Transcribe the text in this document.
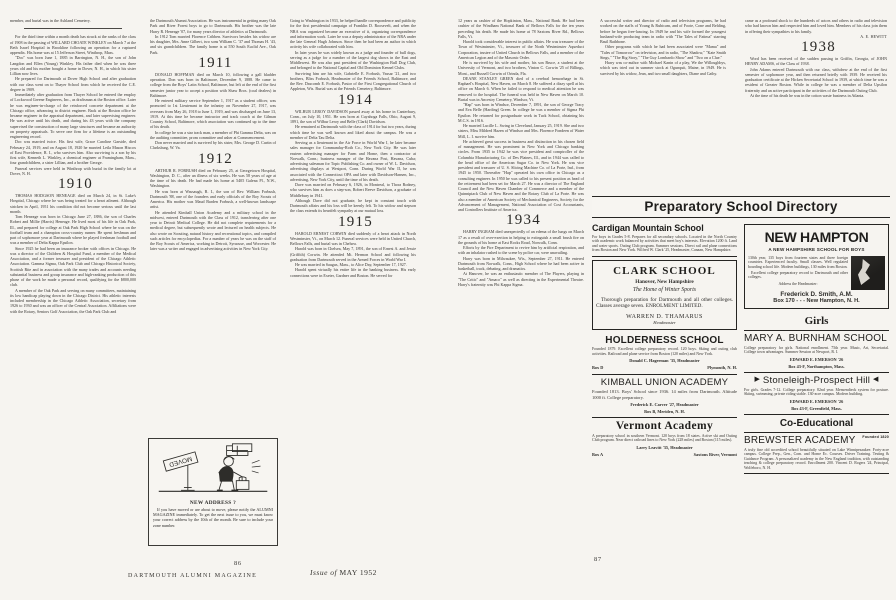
member, and burial was in the Ashland Cemetery.

For the third time within a month death has struck at the ranks of the class of 1908 in the passing of WILLARD CHOATE WINKLEY on March 7 at the Beth Israel Hospital in Brookline following an operation for a ruptured appendix. His home was at 15 Jefferson Street, Winthrop, Mass.

"Doc" was born June 1, 1885 in Barrington, N. H., the son of John Langdon and Ellen (Young) Winkley. His father died when he was three years old and his mother bought a home in Dover, N. H., in which his sister Lillian now lives.

He prepared for Dartmouth at Dover High School and after graduation with our class went on to Thayer School from which he received the C.E. degree in 1909.

Immediately after graduation from Thayer School he entered the employ of Lockwood Greene Engineers, Inc., as draftsman at the Boston office. Later he was engineer-in-charge of the reinforced concrete department at the Chicago office, advancing to district engineer. Back at the Boston office he became engineer in the appraisal department, and later supervising engineer. He was active until his death, and during his 43 years with the company supervised the construction of many large structures and became an authority on property appraisals. To serve one firm for a lifetime is an outstanding engineering record.

Doc was married twice. His first wife, Grace Caroline Garside, died February 24, 1919, and on August 18, 1920 he married Leila Mason Hiscox of East Providence, R. I., who survives him. Also surviving is a son by his first wife, Kenneth L. Winkley, a chemical engineer at Framingham, Mass., four grandchildren, a sister Lillian, and a brother George.

Funeral services were held in Winthrop with burial in the family lot at Dover, N. H.

1910

THOMAS HODGSON HENEAGE died on March 24, in St. Luke's Hospital, Chicago where he was being treated for a heart ailment. Although stricken in April, 1951 his condition did not become serious until the last month.

Tom Heneage was born in Chicago June 27, 1886, the son of Charles Robert and Millie (Harris) Heneage. He lived most of his life in Oak Park, Ill., and prepared for college at Oak Park High School where he was on the football team and a champion cross-country runner. He spent freshman and part of sophomore year at Dartmouth where he played freshman football and was a member of Delta Kappa Epsilon.

Since 1925 he had been an insurance broker with offices in Chicago. He was a director of the Children & Hospital Fund, a member of the Medical Association, and a former treasurer and president of the Chicago Athletic Association. Gamma Sigma, Oak Park Club and Chicago Historical Society, Scottish Rite and in association with the many trades and accounts needing substantial business and group insurance and high-ranking production of this phase of the work he made a personal record, qualifying for the $800,000 club.

A member of the Oak Park and serving on many committees, maintaining its low handicap playing down in the Chicago District. His athletic interests included membership in the Chicago Athletic Association, secretary from 1926 to 1930 and was an officer of the Central Association. Affiliations were with the Rotary, Seniors Golf Association, the Oak Park Club and

the Dartmouth Alumni Association. He was instrumental in getting many Oak Park and River Forest boys to go to Dartmouth. His brother was the late Harry R. Heneage '07, for many years director of athletics at Dartmouth.

In 1912 Tom married Florence Cribben. Survivors besides his widow are his daughter, Mrs. Anne Gilbert, two sons William C. '37 and Thomas H. '43, and six grandchildren. The family home is at 550 South Euclid Ave., Oak Park.

1911

DONALD HOFFMAN died on March 10, following a gall bladder operation. Don was born in Baltimore, December 9, 1888. He came to college from the Boys' Latin School, Baltimore, but left at the end of the first semester junior year to accept a position with Shaw Bros. (coal dealers) in Baltimore.

He entered military service September 1, 1917 as a student officer, was promoted to 1st Lieutenant in the infantry on November 27, 1917, was overseas from May 26, 1918 to June 1, 1919, and was discharged on June 13, 1919. At this time he became instructor and track coach at the Gilman Country School, Baltimore, which association was continued up to the time of his death.

In college he was a star track man, a member of Phi Gamma Delta, was on the auditing committee, prom committee and usher at Commencement.

Don never married and is survived by his sister, Mrs. George D. Curtin of Clarksburg, W. Va.

1912

ARTHUR R. FORBUSH died on February 25, at Georgetown Hospital, Washington, D. C., after an illness of six weeks. He was 58 years of age at the time of his death. He had made his home at 5405 Galena Pl., N.W., Washington.

He was born at Wassaugh, R. I., the son of Rev. William Forbush, Dartmouth '88, one of the founders and early officials of the Boy Scouts of America. His mother was Maud Barden Forbush, a well-known landscape artist.

He attended Kimball Union Academy and a military school in the midwest, entered Dartmouth with the Class of 1912, transferring after one year to Detroit Medical College. He did not complete requirements for a medical degree, but subsequently wrote and lectured on health subjects. He also wrote on Scouting, natural history and recreational topics, and compiled such articles for encyclopedias. For a number of years he was on the staff of the Boy Scouts of America, working in Detroit, Syracuse, and Worcester. He later was a writer and engaged in advertising activities in New York City.

Going to Washington in 1933, he helped handle correspondence and publicity for the first presidential campaign of Franklin D. Roosevelt, and when the NRA was organized became an executive of it, organizing correspondence and information work. Later he was a deputy administrator of the NRA under the late General Hugh Johnson. Since then he had been an author in which activity his wife collaborated with him.

In later years he was widely known as a judge and founder of bull dogs, serving as a judge for a number of the largest dog shows in the East and Middlewest. He was also past president of the Washington Bull Dog Club, and belonged to the National Capital and Old Dominion Kennel Clubs.

Surviving him are his wife, Gabrielle E. Forbush, Vassar '21, and two brothers, Bliss Forbush, Headmaster of the Friends School, Baltimore, and the Rev. Dascomb E. Forbush, Pastor of the First Congregational Church of Appleton, Wis. Burial was at the Friends Cemetery, Baltimore.

1914

WILBUR LEROY DAVIDSON passed away at his home in Canterbury, Conn., on July 10, 1951. He was born at Cuyahoga Falls, Ohio, August 9, 1891, the son of Wilbur Leroy and Belle (Clark) Davidson.

He remained at Dartmouth with the class of 1914 for but two years, during which time he was well known and liked about the campus. He was a member of Delta Tau Delta.

Serving as a lieutenant in the Air Force in World War I, he later became sales manager for Commanday-Roth Co., New York City. He was later eastern advertising manager for Farm and Home, then a contractor at Norwalk, Conn.; business manager of the Havana Post, Havana, Cuba; advertising salesman for Topic Publishing Co. and owner of W. L. Davidson, advertising displays at Westport, Conn. During World War II, he was associated with the Connecticut OPA and later with Davidson-Hansen, Inc., advertising, New York City, until the time of his death.

Dave was married on February 6, 1926, in Montreal, to Thora Rodney, who survives him as does a step-son, Robert Reeve Davidson, a graduate of Middlebury in 1941.

Although Dave did not graduate, he kept in constant touch with Dartmouth affairs and his loss will be keenly felt. To his widow and stepson the class extends its heartfelt sympathy at our mutual loss.

1915

HAROLD ERNEST CORWIN died suddenly of a heart attack in North Westminster, Vt., on March 12. Funeral services were held in United Church, Bellows Falls, and burial was in Chelsea.

Harold was born in Chelsea, May 7, 1891, the son of Ernest A. and Jessie (Griffith) Corwin. He attended Mt. Hermon School and following his graduation from Dartmouth served in the Armed Forces in World War I.

He was married in Saugus, Mass., to Alice Day, September 17, 1927.

Harold spent virtually his entire life in the banking business. His early connections were in Exeter, Gardner and Boston. He served for

12 years as cashier of the Hopkinton, Mass., National Bank. He had been cashier of the Windham National Bank of Bellows Falls for the ten years preceding his death. He made his home at 78 Saxtons River Rd., Bellows Falls, Vt.

Harold took considerable interest in public affairs. He was treasurer of the Town of Westminster, Vt., treasurer of the North Westminster Aqueduct Corporation, trustee of United Church in Bellows Falls, and a member of the American Legion and of the Masonic Order.

He is survived by his wife and mother, his son Bruce, a student at the University of Vermont, and two brothers, Vinton C. Corwin '25 of Billings, Mont., and Russell Corwin of Orinda, Fla.

DEANE STANLEY GREEN died of a cerebral hemorrhage in St. Raphael's Hospital, New Haven, on March 8. He suffered a dizzy spell at his office on March 6. When he failed to respond to medical attention he was removed to the hospital. The funeral was held in New Haven on March 10. Burial was in Ancestry Cemetery, Windsor, Vt.

"Hap" was born in Windsor, December 7, 1891, the son of George Tracy and Eva Belle (Harding) Green. In college he was a member of Sigma Phi Epsilon. He returned for postgraduate work in Tuck School, obtaining his M.C.S. in 1916.

He married Lucille L. Swing in Cleveland, January 25, 1919. She and two sisters, Miss Mildred Hazen of Windsor and Mrs. Florence Fondeen of Water Mill, L. I. survive him.

He achieved great success in business and distinction in his chosen field of management. He was prominent in New York and Chicago banking circles. From 1935 to 1942 he was vice president and comptroller of the Columbia Manufacturing Co. of Des Plaines, Ill., and in 1944 was called to the head office of the American Sugar Co. in New York. He was vice president and treasurer of U. S. Slicing Machine Co. of La Porte, Ind., from 1945 to 1950. Thereafter "Hap" operated his own office in Chicago as a consulting engineer. In 1950 he was called to his present position as head of the retirement had been set for March 27. He was a director of The England Council and the New Haven Chamber of Commerce and a member of the Quinnipiack Club of New Haven and the Rotary Club of La Porte. He was also a member of American Society of Mechanical Engineers, Society for the Advancement of Management, National Association of Cost Accountants, and Controllers Institute of America.

1934

HARRY INGRAM died unexpectedly of an edema of the lungs on March 17 as a result of over-exertion in helping to extinguish a small brush fire on the grounds of his home at East Rocks Road, Norwalk, Conn.

Efforts by the Fire Department to revive him by artificial respiration, and with an inhalator rushed to the scene by police car, were unavailing.

Harry was born in Milwaukee, Wis., September 27, 1911. He entered Dartmouth from Norwalk, Conn., High School where he had been active in basketball, track, debating, and dramatics.

At Hanover, he was an enthusiastic member of The Players, playing in "The Critic" and "Amaco" as well as directing in the Experimental Theatre. Harry's fraternity was Phi Kappa Sigma.

A successful writer and director of radio and television programs, he had worked on the staffs of Young & Rubicam, and of Foote, Cone and Belding, before he began free-lancing. In 1949 he and his wife formed the youngest husband-wife producing team in radio with "The Tales of Fatima" starring Basil Rathbone.

Other programs with which he had been associated were "Mama" and "Tales of Tomorrow" on television, and in radio, "The Shadow," "Kate Smith Sings," "The Big Story," "The Guy Lombardo Show" and "Two on a Clue."

Harry was co-author with Michael Kanin of a play, We the Willoughbys, which was tried out in summer stock at Ogunquit, Maine, in 1949. He is survived by his widow, Jean, and two small daughters, Diane and Cathy.

came as a profound shock to the hundreds of actors and others in radio and television who had known him and respected him and loved him. Members of his class join them in offering their sympathies to his family.

A. E. HEWITT

1938

Word has been received of the sudden passing in Griffin, Georgia, of JOHN HENRY ADAMS, of the Class of 1938.

John Adams entered Dartmouth with our class, withdrew at the end of the first semester of sophomore year, and then returned briefly with 1939. He received his graduation certificate at the Hicken Secretarial School in 1939, at which time he was a resident of Greater Boston. While in college he was a member of Delta Upsilon fraternity and an active participant in the activities of the Dartmouth Outing Club.

At the time of his death he was in the cotton waste business in Atlanta.

MOVED
NEW ADDRESS ?
If you have moved or are about to move, please notify the ALUMNI MAGAZINE immediately. To get the next issue to you, we must know your correct address by the 10th of the month. Be sure to include your zone number.
86
87
DARTMOUTH ALUMNI MAGAZINE	Issue of MAY 1952
Preparatory School Directory
Cardigan Mountain School
For boys in Grades 5-8. Prepares for all secondary schools. Located in the North Country with academic work balanced by activities that meet boy's interests. Elevation 1200 ft. Land and water sports. Outing Club program. Summer sessions. Direct rail and plane connections from Boston and New York. Wilfred W. Clark '25, Headmaster, Canaan, New Hampshire.
CLARK SCHOOL
Hanover, New Hampshire
The Home of Winter Sports
Thorough preparation for Dartmouth and all other colleges. Classes average seven. ENROLMENT LIMITED.
WARREN D. THAMARUS
Headmaster
HOLDERNESS SCHOOL
Founded 1879. Excellent college preparatory record. 120 boys. Skiing and outing club activities. Railroad and plane service from Boston (120 miles) and New York.
Donald C. Hagerman '35, Headmaster
Box D	Plymouth, N. H.
KIMBALL UNION ACADEMY
Founded 1813. Boys' School since 1936. 14 miles from Dartmouth. Altitude 1000 ft. College preparatory.
Frederick E. Carver '27, Headmaster
Box B, Meriden, N. H.
Vermont Academy
A preparatory school in southern Vermont. 120 boys from 18 states. Active ski and Outing Club program. Near direct railroad lines to New York (228 miles) and Boston (115 miles).
Larry Leavitt '35, Headmaster
Box A	Saxtons River, Vermont
NEW HAMPTON
A NEW HAMPSHIRE SCHOOL FOR BOYS
130th year, 135 boys from fourteen states and three foreign countries. Experienced faculty. Small classes. Well regulated boarding school life. Modern buildings, 130 miles from Boston.
Excellent college preparatory record to Dartmouth and other colleges.
Address the Headmaster:
Frederick D. Smith, A.M.
Box 170 - - - New Hampton, N. H.
Girls
MARY A. BURNHAM SCHOOL
College preparatory for girls. National enrollment. 75th year. Music, Art, Secretarial. College town advantages. Summer Session at Newport, R. I.
EDWARD E. EMERSON '26
Box 43-F, Northampton, Mass.
▶ Stoneleigh-Prospect Hill ◀
For girls. Grades 7-12. College preparatory. 82nd year. Mensendieck system for posture. Skiing, swimming, private riding stable. 130-acre campus. Modern building.
EDWARD E. EMERSON '26
Box 43-F, Greenfield, Mass.
Co-Educational
Founded 1820
BREWSTER ACADEMY
A truly fine old accredited school beautifully situated on Lake Winnipesaukee. Forty-acre campus. College Prep., Gen., Com. and Home Ec. Courses. Driver Training. Testing & Guidance Program. A personalized academy in the New England tradition, with outstanding teaching & college preparatory record. Enrollment 200. Vincent D. Rogers '24, Principal, Wolfeboro, N. H.
